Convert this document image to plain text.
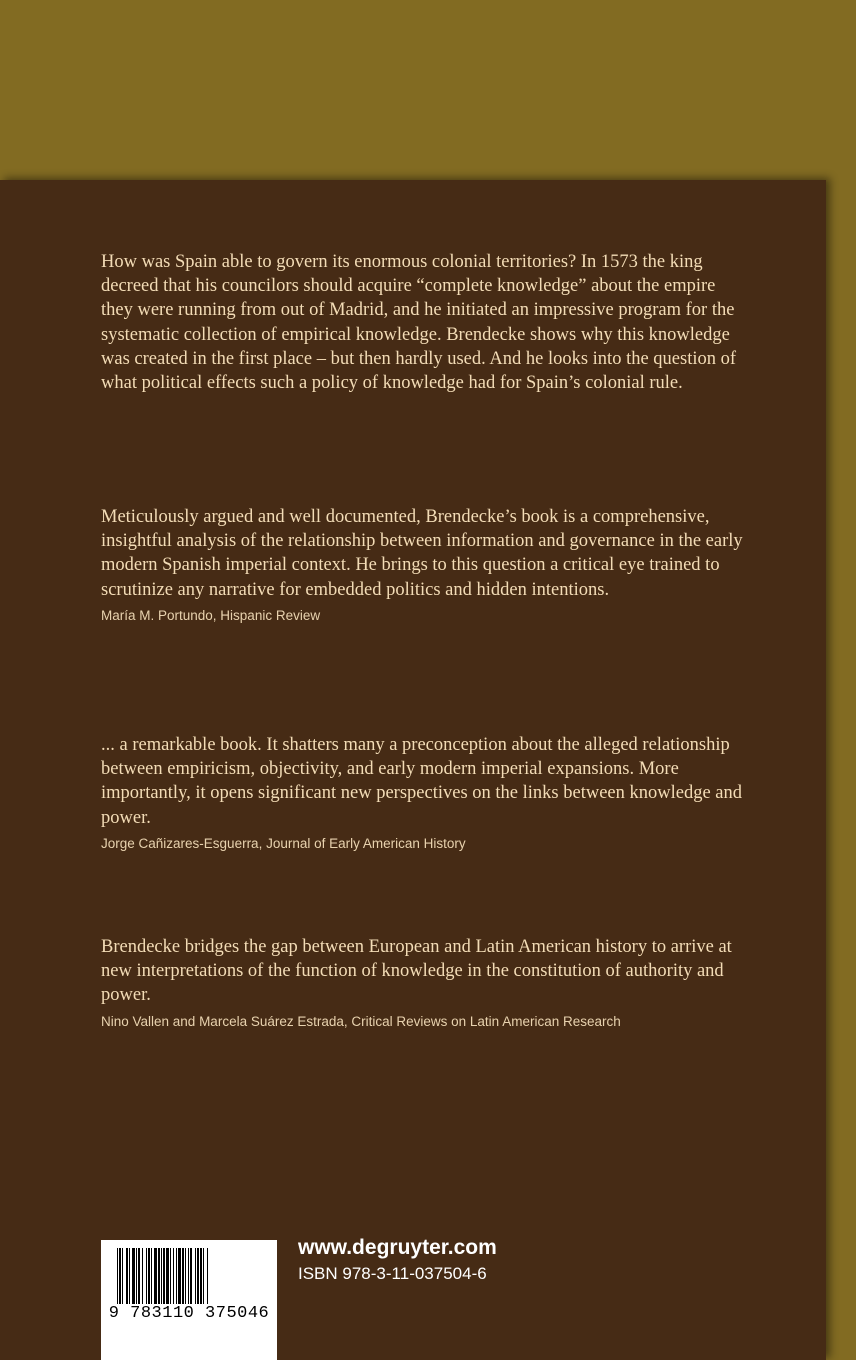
How was Spain able to govern its enormous colonial territories? In 1573 the king decreed that his councilors should acquire “complete knowledge” about the empire they were running from out of Madrid, and he initiated an impressive program for the systematic collection of empirical knowledge. Brendecke shows why this knowledge was created in the first place – but then hardly used. And he looks into the question of what political effects such a policy of knowledge had for Spain’s colonial rule.

Meticulously argued and well documented, Brendecke’s book is a comprehensive, insightful analysis of the relationship between information and governance in the early modern Spanish imperial context. He brings to this question a critical eye trained to scrutinize any narrative for embedded politics and hidden intentions.

María M. Portundo, Hispanic Review

... a remarkable book. It shatters many a preconception about the alleged relationship between empiricism, objectivity, and early modern imperial expansions. More importantly, it opens significant new perspectives on the links between knowledge and power.

Jorge Cañizares-Esguerra, Journal of Early American History

Brendecke bridges the gap between European and Latin American history to arrive at new interpretations of the function of knowledge in the constitution of authority and power.

Nino Vallen and Marcela Suárez Estrada, Critical Reviews on Latin American Research

9 783110 375046
www.degruyter.com
ISBN 978-3-11-037504-6
